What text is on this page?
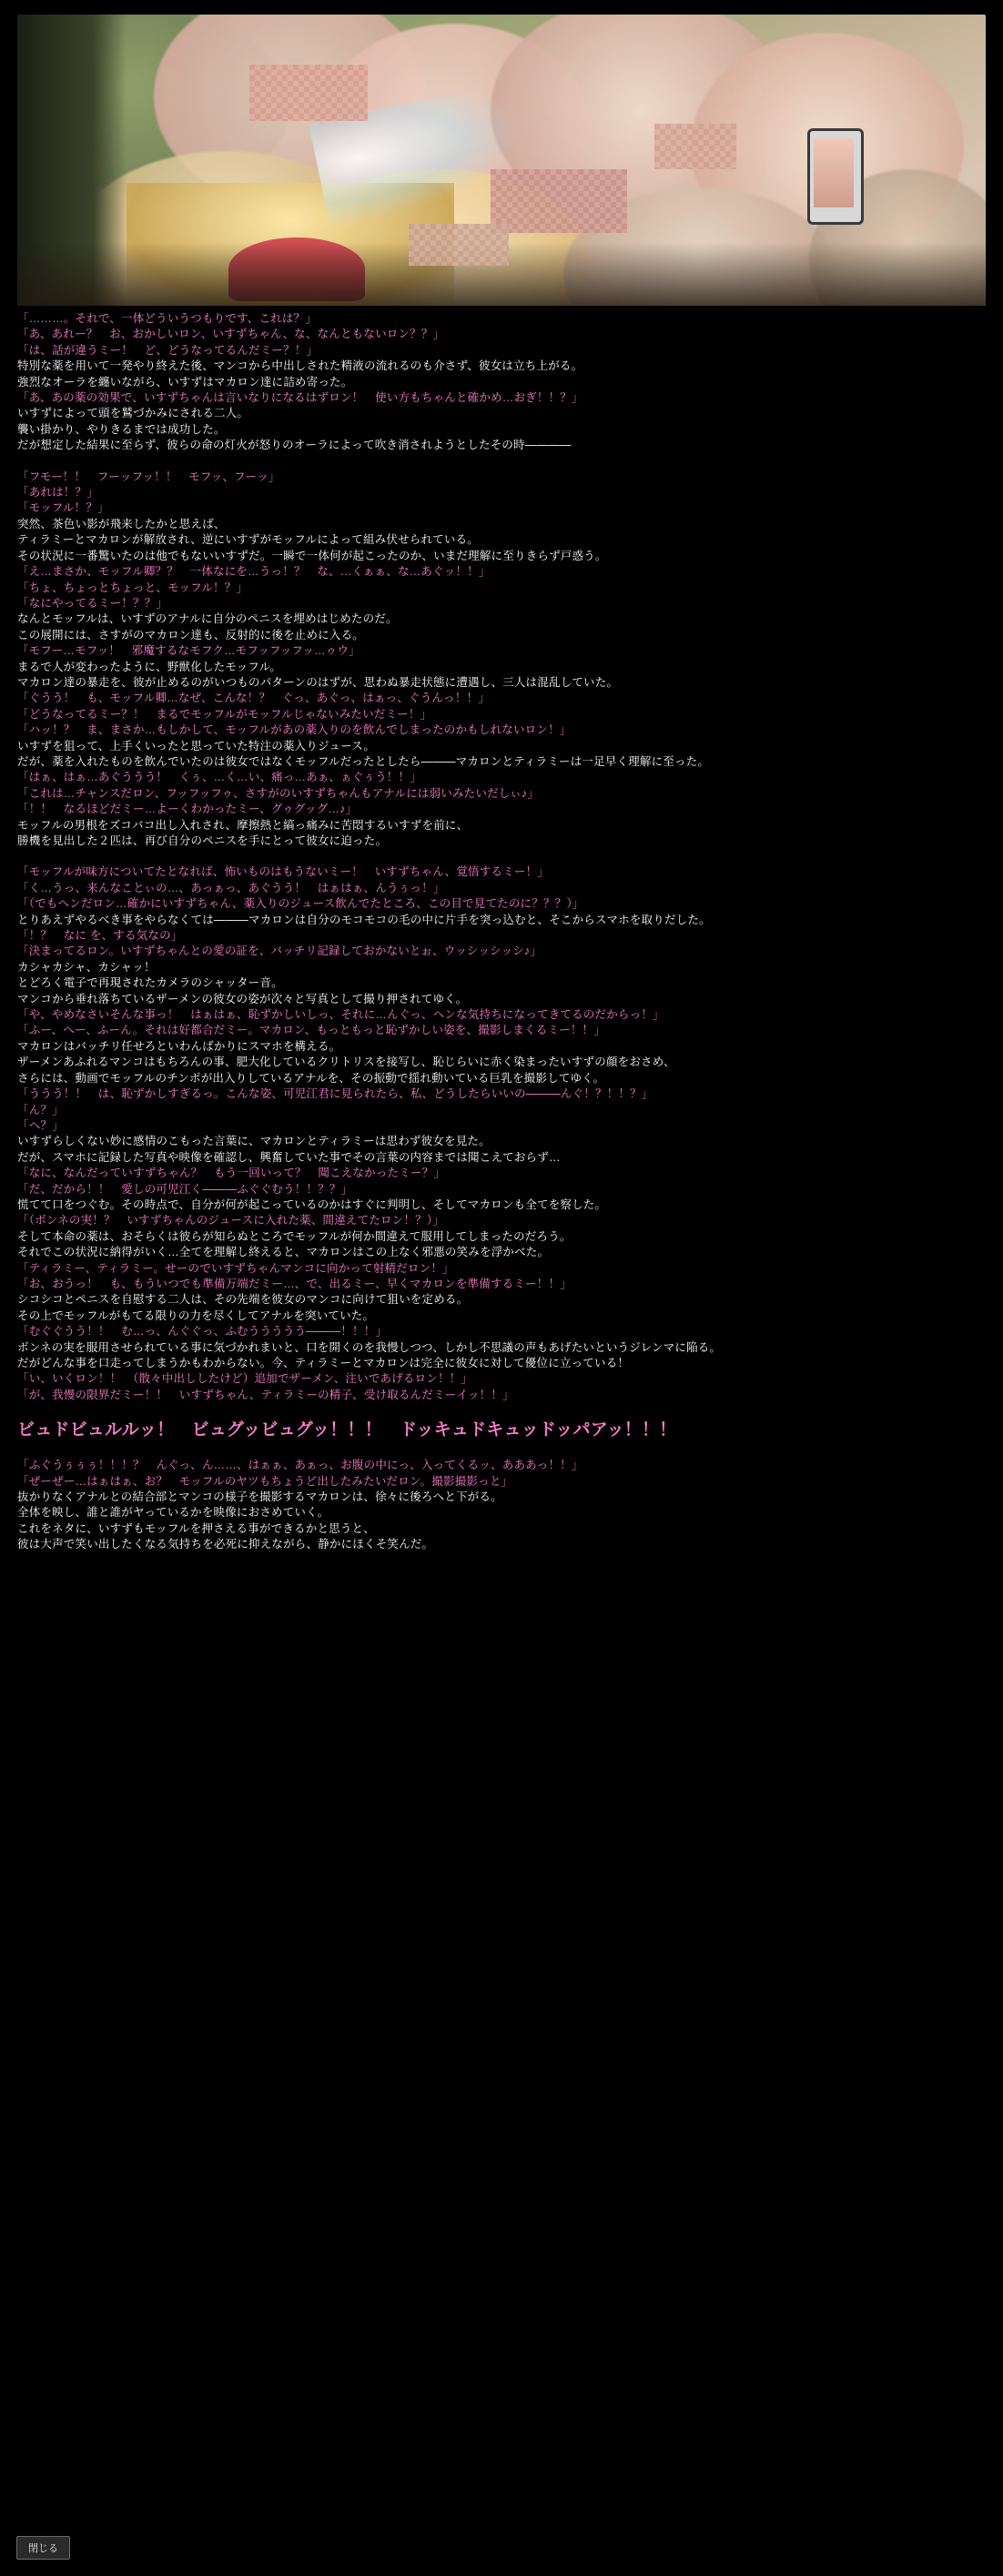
「………。それで、一体どういうつもりです、これは？」

「あ、あれー？　お、おかしいロン、いすずちゃん、な、なんともないロン？？」

「は、話が違うミー！　ど、どうなってるんだミー？！」

特別な薬を用いて一発やり終えた後、マンコから中出しされた精液の流れるのも介さず、彼女は立ち上がる。

強烈なオーラを纏いながら、いすずはマカロン達に詰め寄った。

「あ、あの薬の効果で、いすずちゃんは言いなりになるはずロン！　使い方もちゃんと確かめ…おぎ！！？」

いすずによって頭を鷲づかみにされる二人。

襲い掛かり、やりきるまでは成功した。

だが想定した結果に至らず、彼らの命の灯火が怒りのオーラによって吹き消されようとしたその時――――

「フモー！！　フーッフッ！！　モフッ、フーッ」

「あれは！？」

「モッフル！？」

突然、茶色い影が飛来したかと思えば、

ティラミーとマカロンが解放され、逆にいすずがモッフルによって組み伏せられている。

その状況に一番驚いたのは他でもないいすずだ。一瞬で一体何が起こったのか、いまだ理解に至りきらず戸惑う。

「え…まさか、モッフル卿？？　一体なにを…うっ！？　な、…くぁぁ、な…あぐッ！！」

「ちょ、ちょっとちょっと、モッフル！？」

「なにやってるミー！？？」

なんとモッフルは、いすずのアナルに自分のペニスを埋めはじめたのだ。

この展開には、さすがのマカロン達も、反射的に後を止めに入る。

「モフー…モフッ！　邪魔するなモフク…モフッフッフッ…ゥウ」

まるで人が変わったように、野獣化したモッフル。

マカロン達の暴走を、彼が止めるのがいつものパターンのはずが、思わぬ暴走状態に遭遇し、三人は混乱していた。

「ぐうう！　も、モッフル卿…なぜ、こんな！？　ぐっ、あぐっ、はぁっ、ぐうんっ！！」

「どうなってるミー？！　まるでモッフルがモッフルじゃないみたいだミー！」

「ハッ！？　ま、まさか…もしかして、モッフルがあの薬入りのを飲んでしまったのかもしれないロン！」

いすずを狙って、上手くいったと思っていた特注の薬入りジュース。

だが、薬を入れたものを飲んでいたのは彼女ではなくモッフルだったとしたら―――マカロンとティラミーは一足早く理解に至った。

「はぁ、はぁ…あぐううう！　くぅ、…く…い、痛っ…あぁ、ぁぐぅう！！」

「これは…チャンスだロン、フッフッフゥ、さすがのいすずちゃんもアナルには弱いみたいだしぃ♪」

「！！　なるほどだミー…よーくわかったミー、グゥグッグ…♪」

モッフルの男根をズコバコ出し入れされ、摩擦熱と縞っ痛みに苦悶するいすずを前に、

勝機を見出した２匹は、再び自分のペニスを手にとって彼女に迫った。

「モッフルが味方についてたとなれば、怖いものはもうないミー！　いすずちゃん、覚悟するミー！」

「く…うっ、来んなことぃの…、あっぁっ、あぐうう！　はぁはぁ、んうぅっ！」

「（でもヘンだロン…確かにいすずちゃん、薬入りのジュース飲んでたところ、この目で見てたのに？？？）」

とりあえずやるべき事をやらなくては―――マカロンは自分のモコモコの毛の中に片手を突っ込むと、そこからスマホを取りだした。

「！？　なに を、する気なの」

「決まってるロン。いすずちゃんとの愛の証を、バッチリ記録しておかないとぉ、ウッシッシッシ♪」

カシャカシャ、カシャッ！

とどろく電子で再現されたカメラのシャッター音。

マンコから垂れ落ちているザーメンの彼女の姿が次々と写真として撮り押されてゆく。

「や、やめなさいそんな事っ！　はぁはぁ、恥ずかしいしっ、それに…んぐっ、ヘンな気持ちになってきてるのだからっ！」

「ふー、へー、ふーん。それは好都合だミー。マカロン、もっともっと恥ずかしい姿を、撮影しまくるミー！！」

マカロンはバッチリ任せろといわんばかりにスマホを構える。

ザーメンあふれるマンコはもちろんの事、肥大化しているクリトリスを接写し、恥じらいに赤く染まったいすずの顔をおさめ、

さらには、動画でモッフルのチンポが出入りしているアナルを、その振動で揺れ動いている巨乳を撮影してゆく。

「ううう！！　は、恥ずかしすぎるっ。こんな姿、可児江君に見られたら、私、どうしたらいいの―――んぐ！？！！？」

「ん？」

「ヘ？」

いすずらしくない妙に感情のこもった言葉に、マカロンとティラミーは思わず彼女を見た。

だが、スマホに記録した写真や映像を確認し、興奮していた事でその言葉の内容までは聞こえておらず…

「なに、なんだっていすずちゃん？　もう一回いって？　聞こえなかったミー？」

「だ、だから！！　愛しの可児江く―――ふぐぐむう！！？？」

慌てて口をつぐむ。その時点で、自分が何が起こっているのかはすぐに判明し、そしてマカロンも全てを察した。

「（ボンネの実！？　いすずちゃんのジュースに入れた薬、間違えてたロン！？）」

そして本命の薬は、おそらくは彼らが知らぬところでモッフルが何か間違えて服用してしまったのだろう。

それでこの状況に納得がいく…全てを理解し終えると、マカロンはこの上なく邪悪の笑みを浮かべた。

「ティラミー、ティラミー。せーのでいすずちゃんマンコに向かって射精だロン！」

「お、おうっ！　も、もういつでも準備万端だミー…、で、出るミー、早くマカロンを準備するミー！！」

シコシコとペニスを自慰する二人は、その先端を彼女のマンコに向けて狙いを定める。

その上でモッフルがもてる限りの力を尽くしてアナルを突いていた。

「むぐぐうう！！　む…っ、んぐぐっ、ふむううううう―――！！！」

ボンネの実を服用させられている事に気づかれまいと、口を開くのを我慢しつつ、しかし不思議の声もあげたいというジレンマに陥る。

だがどんな事を口走ってしまうかもわからない。今、ティラミーとマカロンは完全に彼女に対して優位に立っている！

「い、いくロン！！　（散々中出ししたけど）追加でザーメン、注いであげるロン！！」

「が、我慢の限界だミー！！　いすずちゃん、ティラミーの精子、受け取るんだミーイッ！！」

ビュドビュルルッ！　ビュグッビュグッ！！！　ドッキュドキュッドッパアッ！！！

「ふぐうぅぅぅ！！！？　んぐっ、ん……、はぁぁ、あぁっ、お腹の中にっ、入ってくるッ、あああっ！！」

「ぜーぜー…はぁはぁ、お？　モッフルのヤツもちょうど出したみたいだロン。撮影撮影っと」

抜かりなくアナルとの結合部とマンコの様子を撮影するマカロンは、徐々に後ろへと下がる。

全体を映し、誰と誰がヤっているかを映像におさめていく。

これをネタに、いすずもモッフルを押さえる事ができるかと思うと、

彼は大声で笑い出したくなる気持ちを必死に抑えながら、静かにほくそ笑んだ。

閉じる
